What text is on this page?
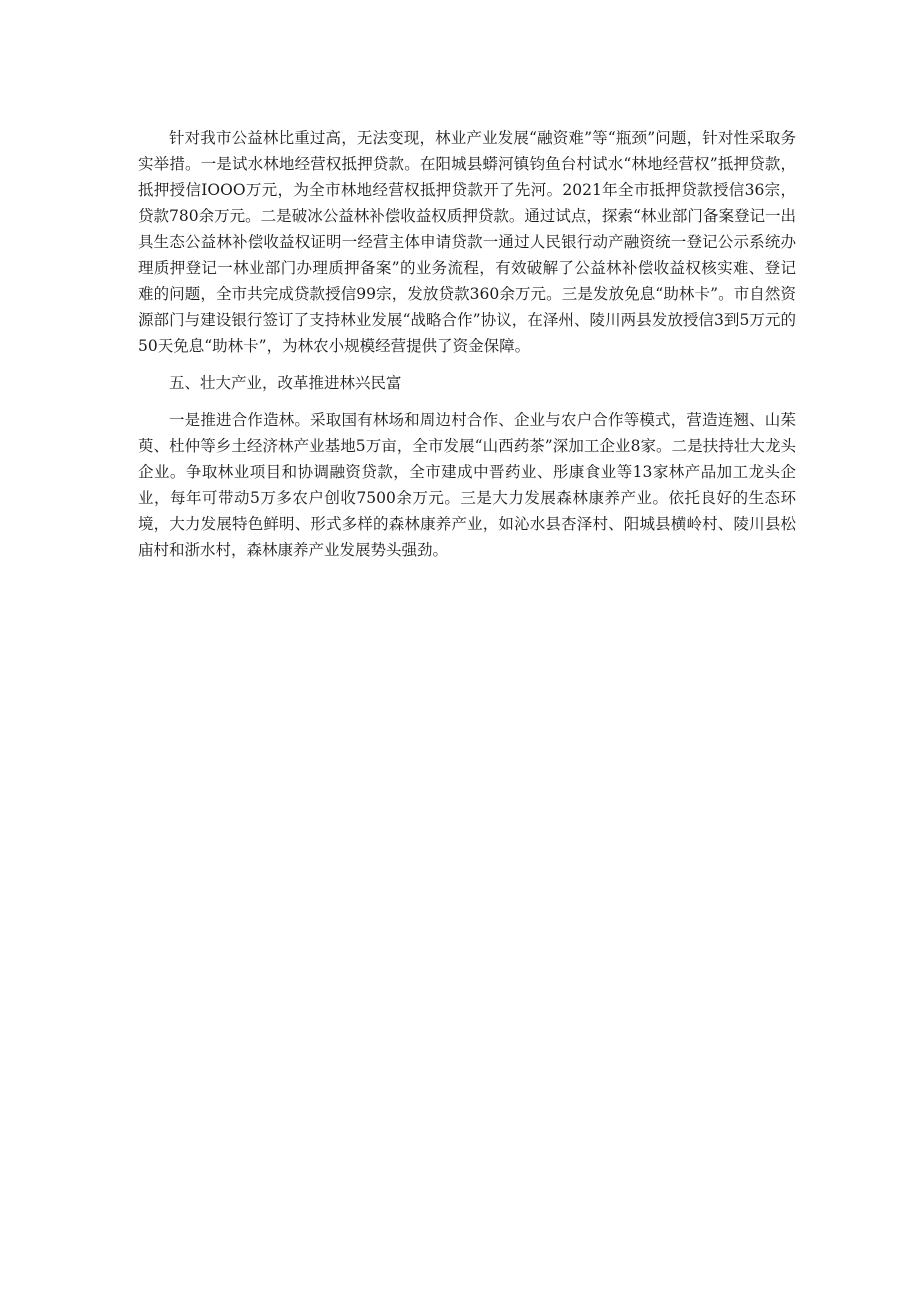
针对我市公益林比重过高，无法变现，林业产业发展“融资难”等“瓶颈”问题，针对性采取务实举措。一是试水林地经营权抵押贷款。在阳城县蟒河镇钧鱼台村试水“林地经营权”抵押贷款，抵押授信IOOO万元，为全市林地经营权抵押贷款开了先河。2021年全市抵押贷款授信36宗，贷款780余万元。二是破冰公益林补偿收益权质押贷款。通过试点，探索“林业部门备案登记一出具生态公益林补偿收益权证明一经营主体申请贷款一通过人民银行动产融资统一登记公示系统办理质押登记一林业部门办理质押备案”的业务流程，有效破解了公益林补偿收益权核实难、登记难的问题，全市共完成贷款授信99宗，发放贷款360余万元。三是发放免息“助林卡”。市自然资源部门与建设银行签订了支持林业发展“战略合作”协议，在泽州、陵川两县发放授信3到5万元的50天免息“助林卡”，为林农小规模经营提供了资金保障。

五、壮大产业，改革推进林兴民富

一是推进合作造林。采取国有林场和周边村合作、企业与农户合作等模式，营造连翘、山茱萸、杜仲等乡土经济林产业基地5万亩，全市发展“山西药茶”深加工企业8家。二是扶持壮大龙头企业。争取林业项目和协调融资贷款，全市建成中晋药业、彤康食业等13家林产品加工龙头企业，每年可带动5万多农户创收7500余万元。三是大力发展森林康养产业。依托良好的生态环境，大力发展特色鲜明、形式多样的森林康养产业，如沁水县杏泽村、阳城县横岭村、陵川县松庙村和浙水村，森林康养产业发展势头强劲。
